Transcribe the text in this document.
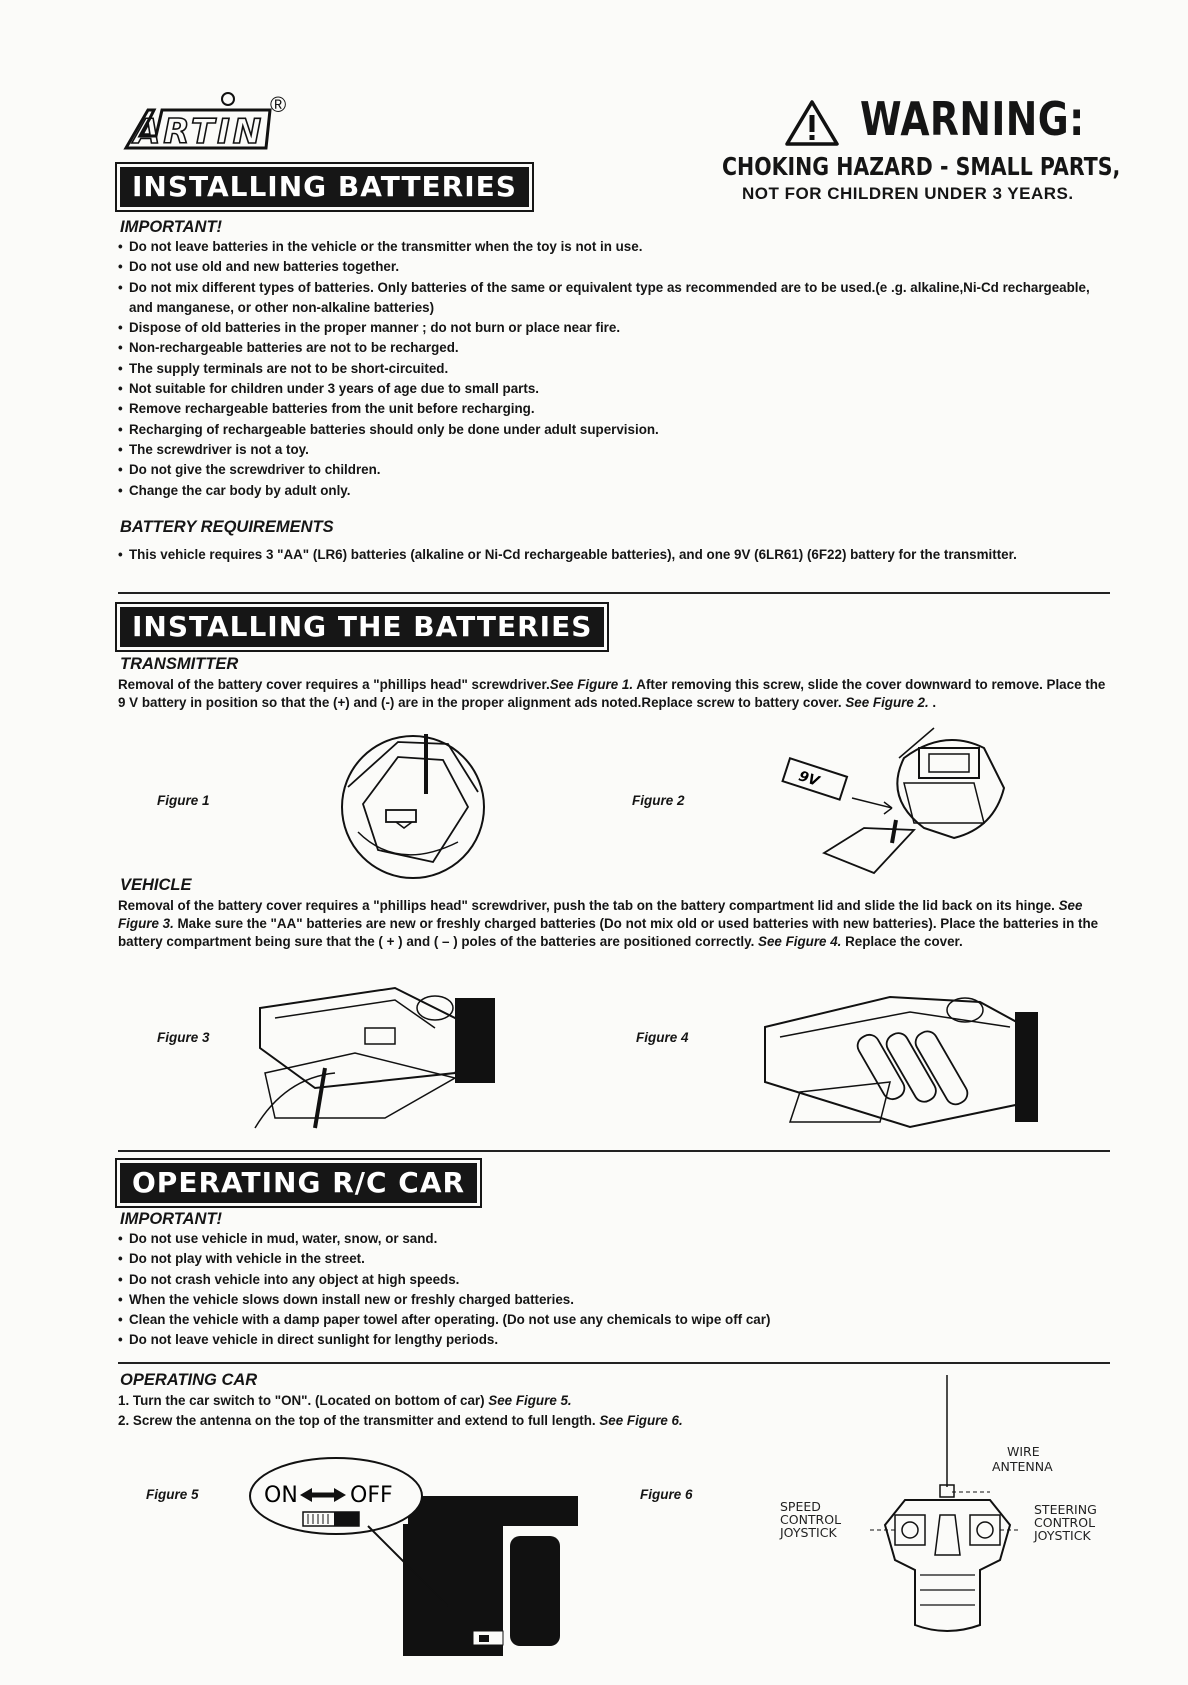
ARTIN
®	WARNING:
CHOKING HAZARD - SMALL PARTS,
NOT FOR CHILDREN UNDER 3 YEARS.
INSTALLING BATTERIES
IMPORTANT!
• Do not leave batteries in the vehicle or the transmitter when the toy is not in use.
• Do not use old and new batteries together.
• Do not mix different types of batteries. Only batteries of the same or equivalent type as recommended are to be used.(e .g. alkaline,Ni-Cd rechargeable, and manganese, or other non-alkaline batteries)
• Dispose of old batteries in the proper manner ; do not burn or place near fire.
• Non-rechargeable batteries are not to be recharged.
• The supply terminals are not to be short-circuited.
• Not suitable for children under 3 years of age due to small parts.
• Remove rechargeable batteries from the unit before recharging.
• Recharging of rechargeable batteries should only be done under adult supervision.
• The screwdriver is not a toy.
• Do not give the screwdriver to children.
• Change the car body by adult only.
BATTERY REQUIREMENTS
• This vehicle requires 3 "AA" (LR6) batteries (alkaline or Ni-Cd rechargeable batteries), and one 9V (6LR61) (6F22) battery for the transmitter.
INSTALLING THE BATTERIES
TRANSMITTER
Removal of the battery cover requires a "phillips head" screwdriver.See Figure 1. After removing this screw, slide the cover downward to remove. Place the 9 V battery in position so that the (+) and (-) are in the proper alignment ads noted.Replace screw to battery cover. See Figure 2. .
Figure 1	Figure 2
9V
VEHICLE
Removal of the battery cover requires a "phillips head" screwdriver, push the tab on the battery compartment lid and slide the lid back on its hinge. See Figure 3. Make sure the "AA" batteries are new or freshly charged batteries (Do not mix old or used batteries with new batteries). Place the batteries in the battery compartment being sure that the ( + ) and ( – ) poles of the batteries are positioned correctly. See Figure 4. Replace the cover.
Figure 3	Figure 4
OPERATING R/C CAR
IMPORTANT!
• Do not use vehicle in mud, water, snow, or sand.
• Do not play with vehicle in the street.
• Do not crash vehicle into any object at high speeds.
• When the vehicle slows down install new or freshly charged batteries.
• Clean the vehicle with a damp paper towel after operating. (Do not use any chemicals to wipe off car)
• Do not leave vehicle in direct sunlight for lengthy periods.
OPERATING CAR
1. Turn the car switch to "ON". (Located on bottom of car) See Figure 5.
2. Screw the antenna on the top of the transmitter and extend to full length. See Figure 6.
Figure 5	ON OFF	Figure 6
WIRE
ANTENNA
SPEED
CONTROL
JOYSTICK
STEERING
CONTROL
JOYSTICK
